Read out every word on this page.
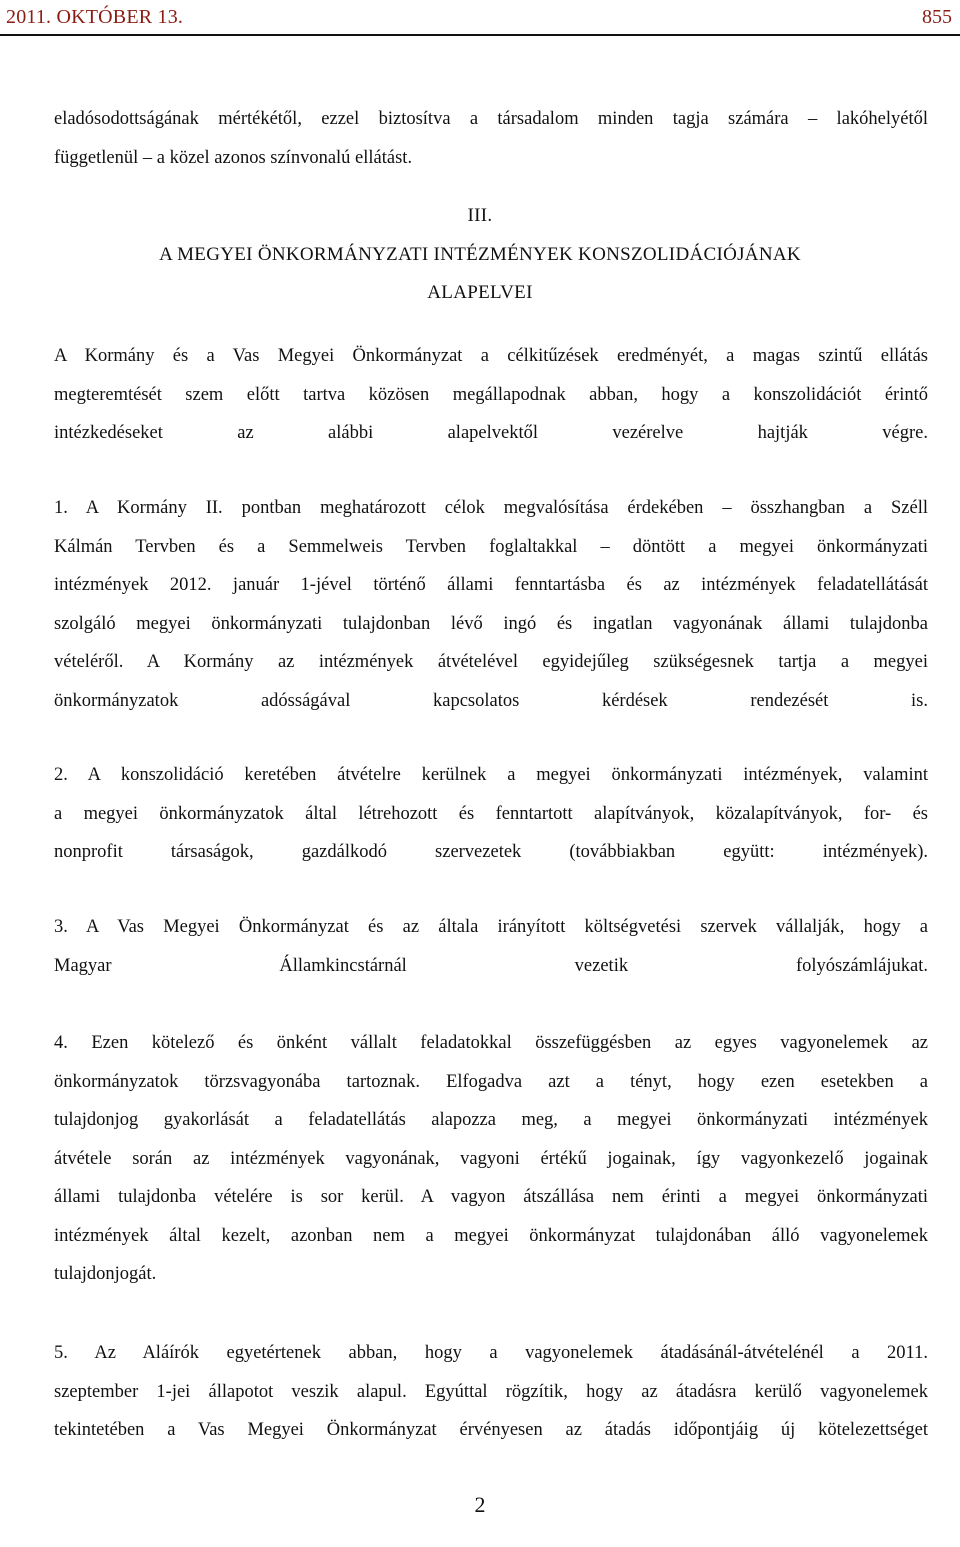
2011. OKTÓBER 13.	855
eladósodottságának mértékétől, ezzel biztosítva a társadalom minden tagja számára – lakóhelyétől
függetlenül – a közel azonos színvonalú ellátást.
III.
A MEGYEI ÖNKORMÁNYZATI INTÉZMÉNYEK KONSZOLIDÁCIÓJÁNAK
ALAPELVEI
A Kormány és a Vas Megyei Önkormányzat a célkitűzések eredményét, a magas szintű ellátás
megteremtését szem előtt tartva közösen megállapodnak abban, hogy a konszolidációt érintő
intézkedéseket az alábbi alapelvektől vezérelve hajtják végre.
1. A Kormány II. pontban meghatározott célok megvalósítása érdekében – összhangban a Széll
Kálmán Tervben és a Semmelweis Tervben foglaltakkal – döntött a megyei önkormányzati
intézmények 2012. január 1-jével történő állami fenntartásba és az intézmények feladatellátását
szolgáló megyei önkormányzati tulajdonban lévő ingó és ingatlan vagyonának állami tulajdonba
vételéről. A Kormány az intézmények átvételével egyidejűleg szükségesnek tartja a megyei
önkormányzatok adósságával kapcsolatos kérdések rendezését is.
2. A konszolidáció keretében átvételre kerülnek a megyei önkormányzati intézmények, valamint
a megyei önkormányzatok által létrehozott és fenntartott alapítványok, közalapítványok, for- és
nonprofit társaságok, gazdálkodó szervezetek (továbbiakban együtt: intézmények).
3. A Vas Megyei Önkormányzat és az általa irányított költségvetési szervek vállalják, hogy a
Magyar Államkincstárnál vezetik folyószámlájukat.
4. Ezen kötelező és önként vállalt feladatokkal összefüggésben az egyes vagyonelemek az
önkormányzatok törzsvagyonába tartoznak. Elfogadva azt a tényt, hogy ezen esetekben a
tulajdonjog gyakorlását a feladatellátás alapozza meg, a megyei önkormányzati intézmények
átvétele során az intézmények vagyonának, vagyoni értékű jogainak, így vagyonkezelő jogainak
állami tulajdonba vételére is sor kerül. A vagyon átszállása nem érinti a megyei önkormányzati
intézmények által kezelt, azonban nem a megyei önkormányzat tulajdonában álló vagyonelemek
tulajdonjogát.
5. Az Aláírók egyetértenek abban, hogy a vagyonelemek átadásánál-átvételénél a 2011.
szeptember 1-jei állapotot veszik alapul. Egyúttal rögzítik, hogy az átadásra kerülő vagyonelemek
tekintetében a Vas Megyei Önkormányzat érvényesen az átadás időpontjáig új kötelezettséget
2
